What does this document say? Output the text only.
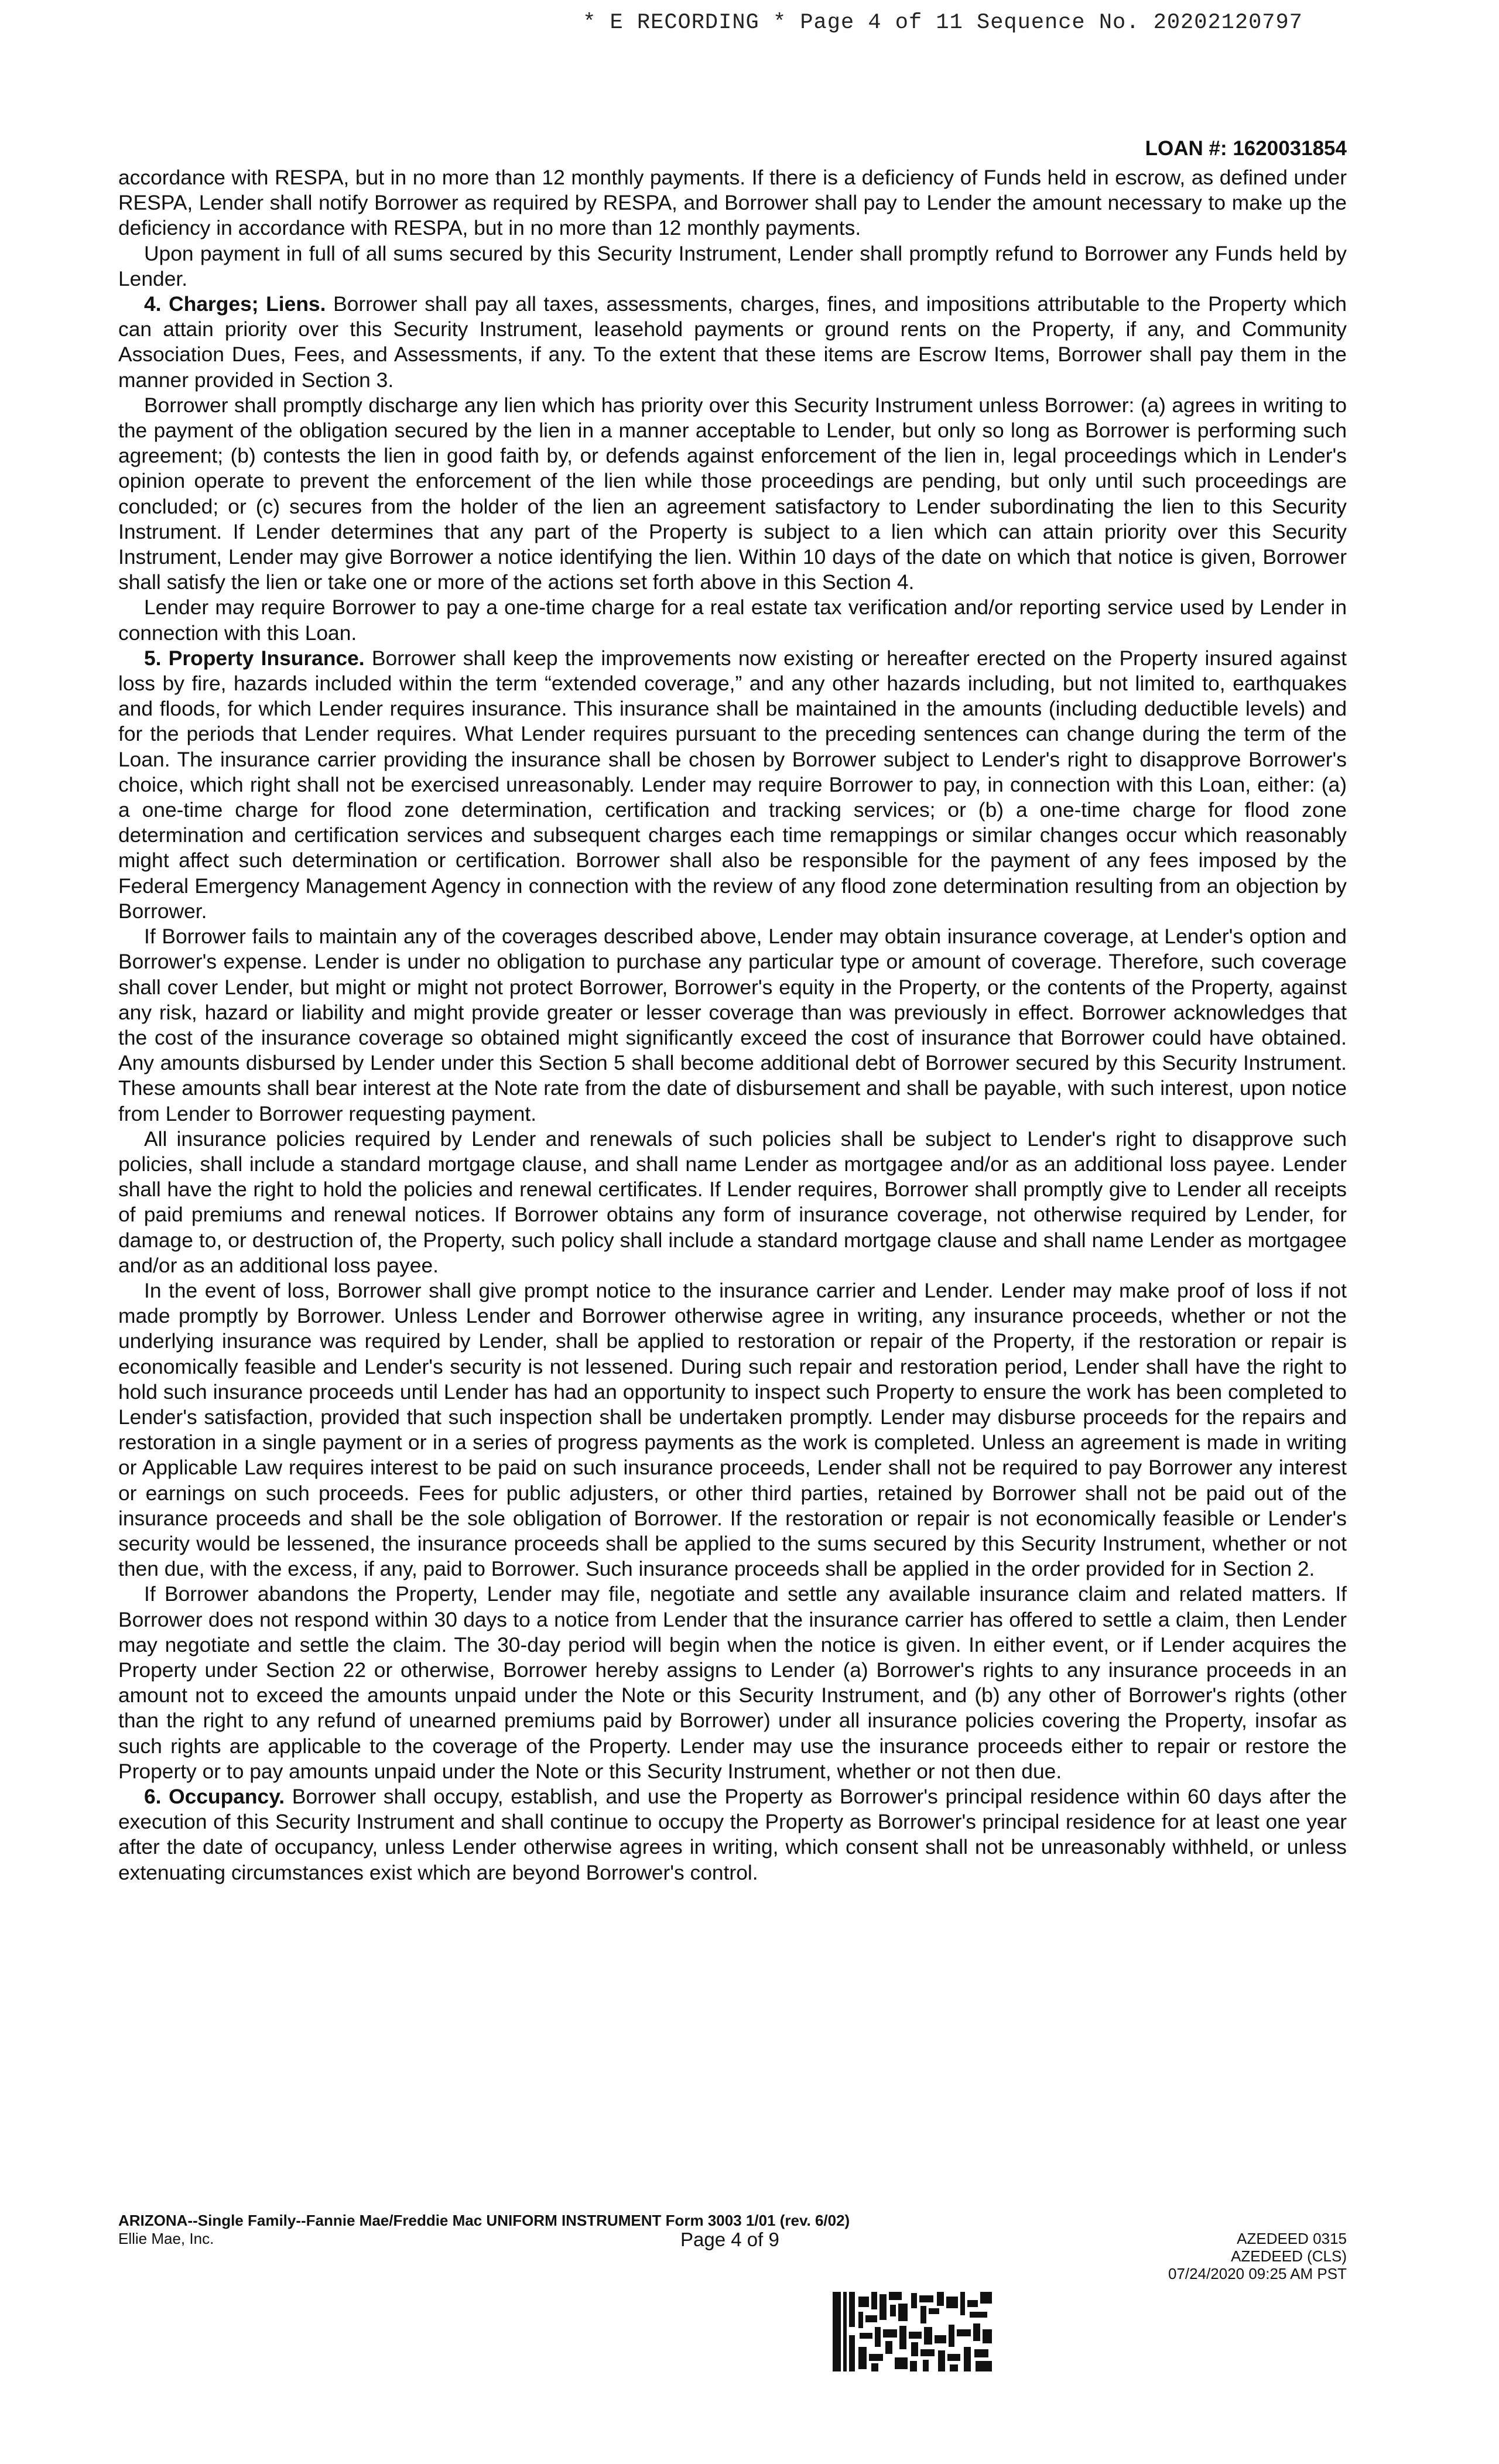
* E RECORDING * Page 4 of 11 Sequence No. 20202120797
LOAN #: 1620031854

accordance with RESPA, but in no more than 12 monthly payments. If there is a deficiency of Funds held in escrow, as defined under RESPA, Lender shall notify Borrower as required by RESPA, and Borrower shall pay to Lender the amount necessary to make up the deficiency in accordance with RESPA, but in no more than 12 monthly payments.

Upon payment in full of all sums secured by this Security Instrument, Lender shall promptly refund to Borrower any Funds held by Lender.

4. Charges; Liens. Borrower shall pay all taxes, assessments, charges, fines, and impositions attributable to the Property which can attain priority over this Security Instrument, leasehold payments or ground rents on the Property, if any, and Community Association Dues, Fees, and Assessments, if any. To the extent that these items are Escrow Items, Borrower shall pay them in the manner provided in Section 3.

Borrower shall promptly discharge any lien which has priority over this Security Instrument unless Borrower: (a) agrees in writing to the payment of the obligation secured by the lien in a manner acceptable to Lender, but only so long as Borrower is performing such agreement; (b) contests the lien in good faith by, or defends against enforcement of the lien in, legal proceedings which in Lender's opinion operate to prevent the enforcement of the lien while those proceedings are pending, but only until such proceedings are concluded; or (c) secures from the holder of the lien an agreement satisfactory to Lender subordinating the lien to this Security Instrument. If Lender determines that any part of the Property is subject to a lien which can attain priority over this Security Instrument, Lender may give Borrower a notice identifying the lien. Within 10 days of the date on which that notice is given, Borrower shall satisfy the lien or take one or more of the actions set forth above in this Section 4.

Lender may require Borrower to pay a one-time charge for a real estate tax verification and/or reporting service used by Lender in connection with this Loan.

5. Property Insurance. Borrower shall keep the improvements now existing or hereafter erected on the Property insured against loss by fire, hazards included within the term “extended coverage,” and any other hazards including, but not limited to, earthquakes and floods, for which Lender requires insurance. This insurance shall be maintained in the amounts (including deductible levels) and for the periods that Lender requires. What Lender requires pursuant to the preceding sentences can change during the term of the Loan. The insurance carrier providing the insurance shall be chosen by Borrower subject to Lender's right to disapprove Borrower's choice, which right shall not be exercised unreasonably. Lender may require Borrower to pay, in connection with this Loan, either: (a) a one-time charge for flood zone determination, certification and tracking services; or (b) a one-time charge for flood zone determination and certification services and subsequent charges each time remappings or similar changes occur which reasonably might affect such determination or certification. Borrower shall also be responsible for the payment of any fees imposed by the Federal Emergency Management Agency in connection with the review of any flood zone determination resulting from an objection by Borrower.

If Borrower fails to maintain any of the coverages described above, Lender may obtain insurance coverage, at Lender's option and Borrower's expense. Lender is under no obligation to purchase any particular type or amount of coverage. Therefore, such coverage shall cover Lender, but might or might not protect Borrower, Borrower's equity in the Property, or the contents of the Property, against any risk, hazard or liability and might provide greater or lesser coverage than was previously in effect. Borrower acknowledges that the cost of the insurance coverage so obtained might significantly exceed the cost of insurance that Borrower could have obtained. Any amounts disbursed by Lender under this Section 5 shall become additional debt of Borrower secured by this Security Instrument. These amounts shall bear interest at the Note rate from the date of disbursement and shall be payable, with such interest, upon notice from Lender to Borrower requesting payment.

All insurance policies required by Lender and renewals of such policies shall be subject to Lender's right to disapprove such policies, shall include a standard mortgage clause, and shall name Lender as mortgagee and/or as an additional loss payee. Lender shall have the right to hold the policies and renewal certificates. If Lender requires, Borrower shall promptly give to Lender all receipts of paid premiums and renewal notices. If Borrower obtains any form of insurance coverage, not otherwise required by Lender, for damage to, or destruction of, the Property, such policy shall include a standard mortgage clause and shall name Lender as mortgagee and/or as an additional loss payee.

In the event of loss, Borrower shall give prompt notice to the insurance carrier and Lender. Lender may make proof of loss if not made promptly by Borrower. Unless Lender and Borrower otherwise agree in writing, any insurance proceeds, whether or not the underlying insurance was required by Lender, shall be applied to restoration or repair of the Property, if the restoration or repair is economically feasible and Lender's security is not lessened. During such repair and restoration period, Lender shall have the right to hold such insurance proceeds until Lender has had an opportunity to inspect such Property to ensure the work has been completed to Lender's satisfaction, provided that such inspection shall be undertaken promptly. Lender may disburse proceeds for the repairs and restoration in a single payment or in a series of progress payments as the work is completed. Unless an agreement is made in writing or Applicable Law requires interest to be paid on such insurance proceeds, Lender shall not be required to pay Borrower any interest or earnings on such proceeds. Fees for public adjusters, or other third parties, retained by Borrower shall not be paid out of the insurance proceeds and shall be the sole obligation of Borrower. If the restoration or repair is not economically feasible or Lender's security would be lessened, the insurance proceeds shall be applied to the sums secured by this Security Instrument, whether or not then due, with the excess, if any, paid to Borrower. Such insurance proceeds shall be applied in the order provided for in Section 2.

If Borrower abandons the Property, Lender may file, negotiate and settle any available insurance claim and related matters. If Borrower does not respond within 30 days to a notice from Lender that the insurance carrier has offered to settle a claim, then Lender may negotiate and settle the claim. The 30-day period will begin when the notice is given. In either event, or if Lender acquires the Property under Section 22 or otherwise, Borrower hereby assigns to Lender (a) Borrower's rights to any insurance proceeds in an amount not to exceed the amounts unpaid under the Note or this Security Instrument, and (b) any other of Borrower's rights (other than the right to any refund of unearned premiums paid by Borrower) under all insurance policies covering the Property, insofar as such rights are applicable to the coverage of the Property. Lender may use the insurance proceeds either to repair or restore the Property or to pay amounts unpaid under the Note or this Security Instrument, whether or not then due.

6. Occupancy. Borrower shall occupy, establish, and use the Property as Borrower's principal residence within 60 days after the execution of this Security Instrument and shall continue to occupy the Property as Borrower's principal residence for at least one year after the date of occupancy, unless Lender otherwise agrees in writing, which consent shall not be unreasonably withheld, or unless extenuating circumstances exist which are beyond Borrower's control.

ARIZONA--Single Family--Fannie Mae/Freddie Mac UNIFORM INSTRUMENT Form 3003 1/01 (rev. 6/02)
Ellie Mae, Inc.	Page 4 of 9	AZEDEED 0315
AZEDEED (CLS)
07/24/2020 09:25 AM PST
